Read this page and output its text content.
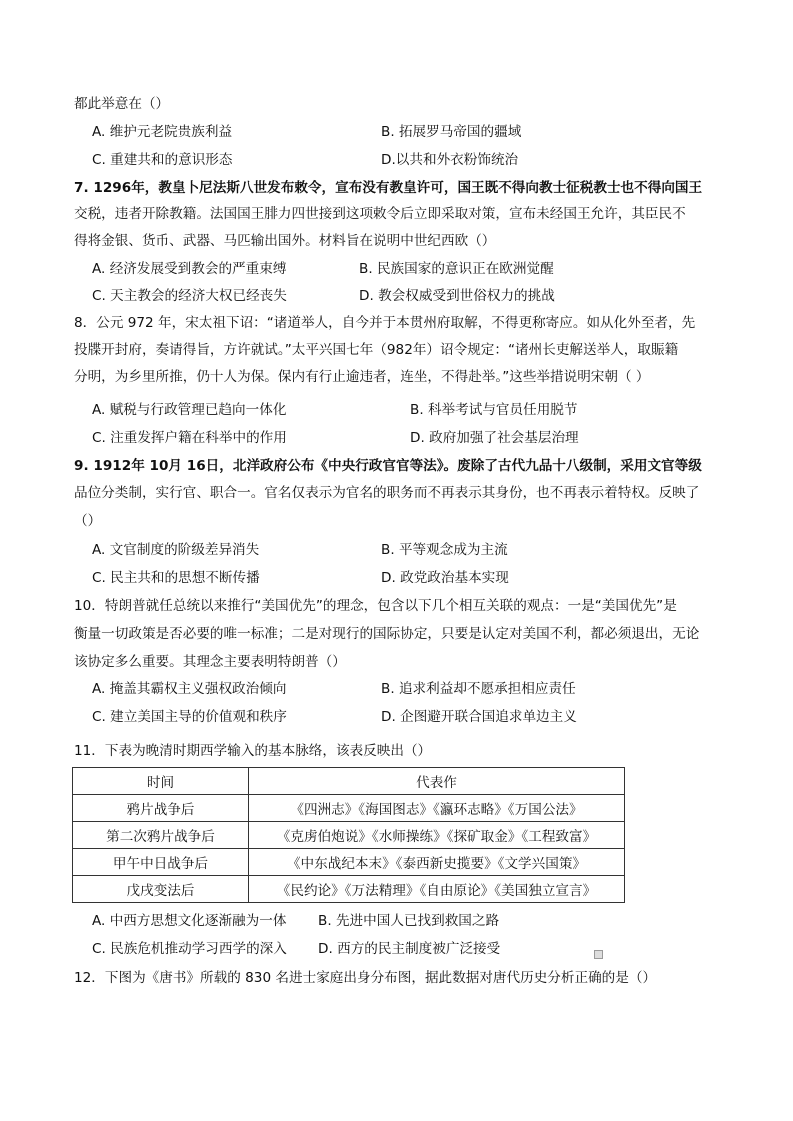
都此举意在（）
A. 维护元老院贵族利益	B. 拓展罗马帝国的疆域
C. 重建共和的意识形态	D.以共和外衣粉饰统治
7. 1296年，教皇卜尼法斯八世发布敕令，宣布没有教皇许可，国王既不得向教士征税教士也不得向国王
交税，违者开除教籍。法国国王腓力四世接到这项敕令后立即采取对策，宣布未经国王允许，其臣民不
得将金银、货币、武器、马匹输出国外。材料旨在说明中世纪西欧（）
A. 经济发展受到教会的严重束缚	B. 民族国家的意识正在欧洲觉醒
C. 天主教会的经济大权已经丧失	D. 教会权威受到世俗权力的挑战
8．公元 972 年，宋太祖下诏：“诸道举人，自今并于本贯州府取解，不得更称寄应。如从化外至者，先
投牒开封府，奏请得旨，方许就试。”太平兴国七年（982年）诏令规定：“诸州长吏解送举人，取賑籍
分明，为乡里所推，仍十人为保。保内有行止逾违者，连坐，不得赴举。”这些举措说明宋朝（ ）
A. 赋税与行政管理已趋向一体化	B. 科举考试与官员任用脱节
C. 注重发挥户籍在科举中的作用	D. 政府加强了社会基层治理
9. 1912年 10月 16日，北洋政府公布《中央行政官官等法》。废除了古代九品十八级制，采用文官等级
品位分类制，实行官、职合一。官名仅表示为官名的职务而不再表示其身份，也不再表示着特权。反映了
（）
A. 文官制度的阶级差异消失	B. 平等观念成为主流
C. 民主共和的思想不断传播	D. 政党政治基本实现
10．特朗普就任总统以来推行“美国优先”的理念，包含以下几个相互关联的观点：一是“美国优先”是
衡量一切政策是否必要的唯一标准；二是对现行的国际协定，只要是认定对美国不利，都必须退出，无论
该协定多么重要。其理念主要表明特朗普（）
A. 掩盖其霸权主义强权政治倾向	B. 追求利益却不愿承担相应责任
C. 建立美国主导的价值观和秩序	D. 企图避开联合国追求单边主义
11．下表为晚清时期西学输入的基本脉络，该表反映出（）
时间	代表作
鸦片战争后	《四洲志》《海国图志》《瀛环志略》《万国公法》
第二次鸦片战争后	《克虏伯炮说》《水师操练》《探矿取金》《工程致富》
甲午中日战争后	《中东战纪本末》《泰西新史揽要》《文学兴国策》
戊戌变法后	《民约论》《万法精理》《自由原论》《美国独立宣言》
A. 中西方思想文化逐渐融为一体 B. 先进中国人已找到救国之路
C. 民族危机推动学习西学的深入 D. 西方的民主制度被广泛接受
12．下图为《唐书》所载的 830 名进士家庭出身分布图，据此数据对唐代历史分析正确的是（）
